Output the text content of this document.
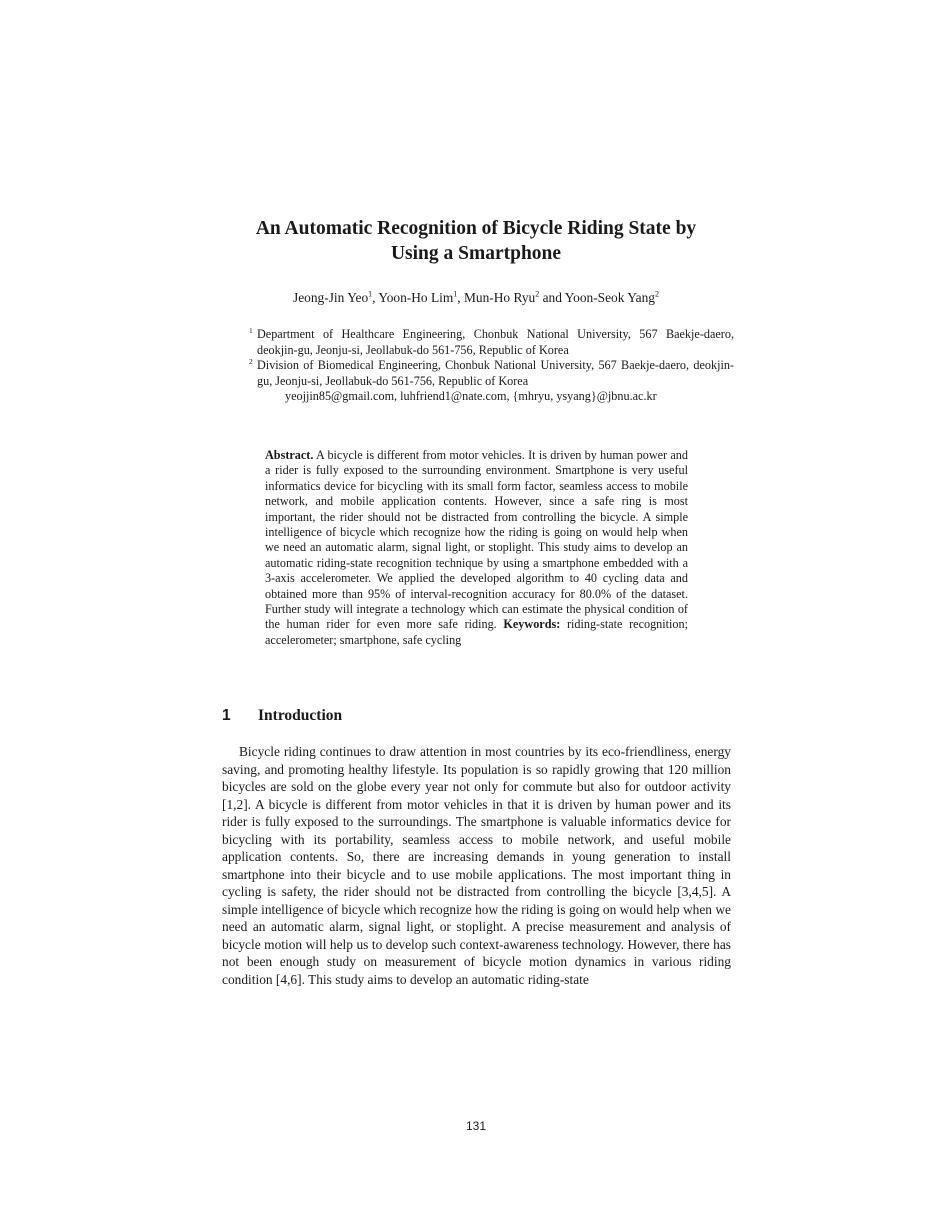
An Automatic Recognition of Bicycle Riding State by
Using a Smartphone
Jeong-Jin Yeo$^1$, Yoon-Ho Lim$^1$, Mun-Ho Ryu$^2$ and Yoon-Seok Yang$^2$
1 Department of Healthcare Engineering, Chonbuk National University, 567 Baekje-daero, deokjin-gu, Jeonju-si, Jeollabuk-do 561-756, Republic of Korea
2 Division of Biomedical Engineering, Chonbuk National University, 567 Baekje-daero, deokjin-gu, Jeonju-si, Jeollabuk-do 561-756, Republic of Korea
yeojjin85@gmail.com, luhfriend1@nate.com, {mhryu, ysyang}@jbnu.ac.kr

Abstract. A bicycle is different from motor vehicles. It is driven by human power and a rider is fully exposed to the surrounding environment. Smartphone is very useful informatics device for bicycling with its small form factor, seamless access to mobile network, and mobile application contents. However, since a safe ring is most important, the rider should not be distracted from controlling the bicycle. A simple intelligence of bicycle which recognize how the riding is going on would help when we need an automatic alarm, signal light, or stoplight. This study aims to develop an automatic riding-state recognition technique by using a smartphone embedded with a 3-axis accelerometer. We applied the developed algorithm to 40 cycling data and obtained more than 95% of interval-recognition accuracy for 80.0% of the dataset. Further study will integrate a technology which can estimate the physical condition of the human rider for even more safe riding. Keywords: riding-state recognition; accelerometer; smartphone, safe cycling

1 Introduction

Bicycle riding continues to draw attention in most countries by its eco-friendliness, energy saving, and promoting healthy lifestyle. Its population is so rapidly growing that 120 million bicycles are sold on the globe every year not only for commute but also for outdoor activity [1,2]. A bicycle is different from motor vehicles in that it is driven by human power and its rider is fully exposed to the surroundings. The smartphone is valuable informatics device for bicycling with its portability, seamless access to mobile network, and useful mobile application contents. So, there are increasing demands in young generation to install smartphone into their bicycle and to use mobile applications. The most important thing in cycling is safety, the rider should not be distracted from controlling the bicycle [3,4,5]. A simple intelligence of bicycle which recognize how the riding is going on would help when we need an automatic alarm, signal light, or stoplight. A precise measurement and analysis of bicycle motion will help us to develop such context-awareness technology. However, there has not been enough study on measurement of bicycle motion dynamics in various riding condition [4,6]. This study aims to develop an automatic riding-state

131
